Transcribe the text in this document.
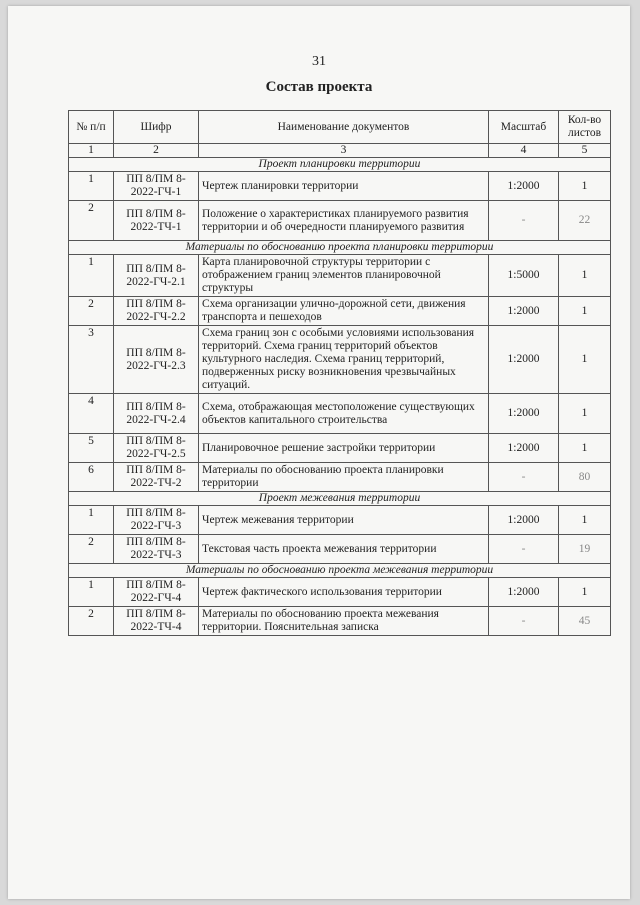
31
Состав проекта
№ п/п	Шифр	Наименование документов	Масштаб	Кол-во листов
1	2	3	4	5
Проект планировки территории				
1	ПП 8/ПМ 8-2022-ГЧ-1	Чертеж планировки территории	1:2000	1
2	ПП 8/ПМ 8-2022-ТЧ-1	Положение о характеристиках планируемого развития территории и об очередности планируемого развития	-	22
Материалы по обоснованию проекта планировки территории				
1	ПП 8/ПМ 8-2022-ГЧ-2.1	Карта планировочной структуры территории с отображением границ элементов планировочной структуры	1:5000	1
2	ПП 8/ПМ 8-2022-ГЧ-2.2	Схема организации улично-дорожной сети, движения транспорта и пешеходов	1:2000	1
3	ПП 8/ПМ 8-2022-ГЧ-2.3	Схема границ зон с особыми условиями использования территорий. Схема границ территорий объектов культурного наследия. Схема границ территорий, подверженных риску возникновения чрезвычайных ситуаций.	1:2000	1
4	ПП 8/ПМ 8-2022-ГЧ-2.4	Схема, отображающая местоположение существующих объектов капитального строительства	1:2000	1
5	ПП 8/ПМ 8-2022-ГЧ-2.5	Планировочное решение застройки территории	1:2000	1
6	ПП 8/ПМ 8-2022-ТЧ-2	Материалы по обоснованию проекта планировки территории	-	80
Проект межевания территории				
1	ПП 8/ПМ 8-2022-ГЧ-3	Чертеж межевания территории	1:2000	1
2	ПП 8/ПМ 8-2022-ТЧ-3	Текстовая часть проекта межевания территории	-	19
Материалы по обоснованию проекта межевания территории				
1	ПП 8/ПМ 8-2022-ГЧ-4	Чертеж фактического использования территории	1:2000	1
2	ПП 8/ПМ 8-2022-ТЧ-4	Материалы по обоснованию проекта межевания территории. Пояснительная записка	-	45
